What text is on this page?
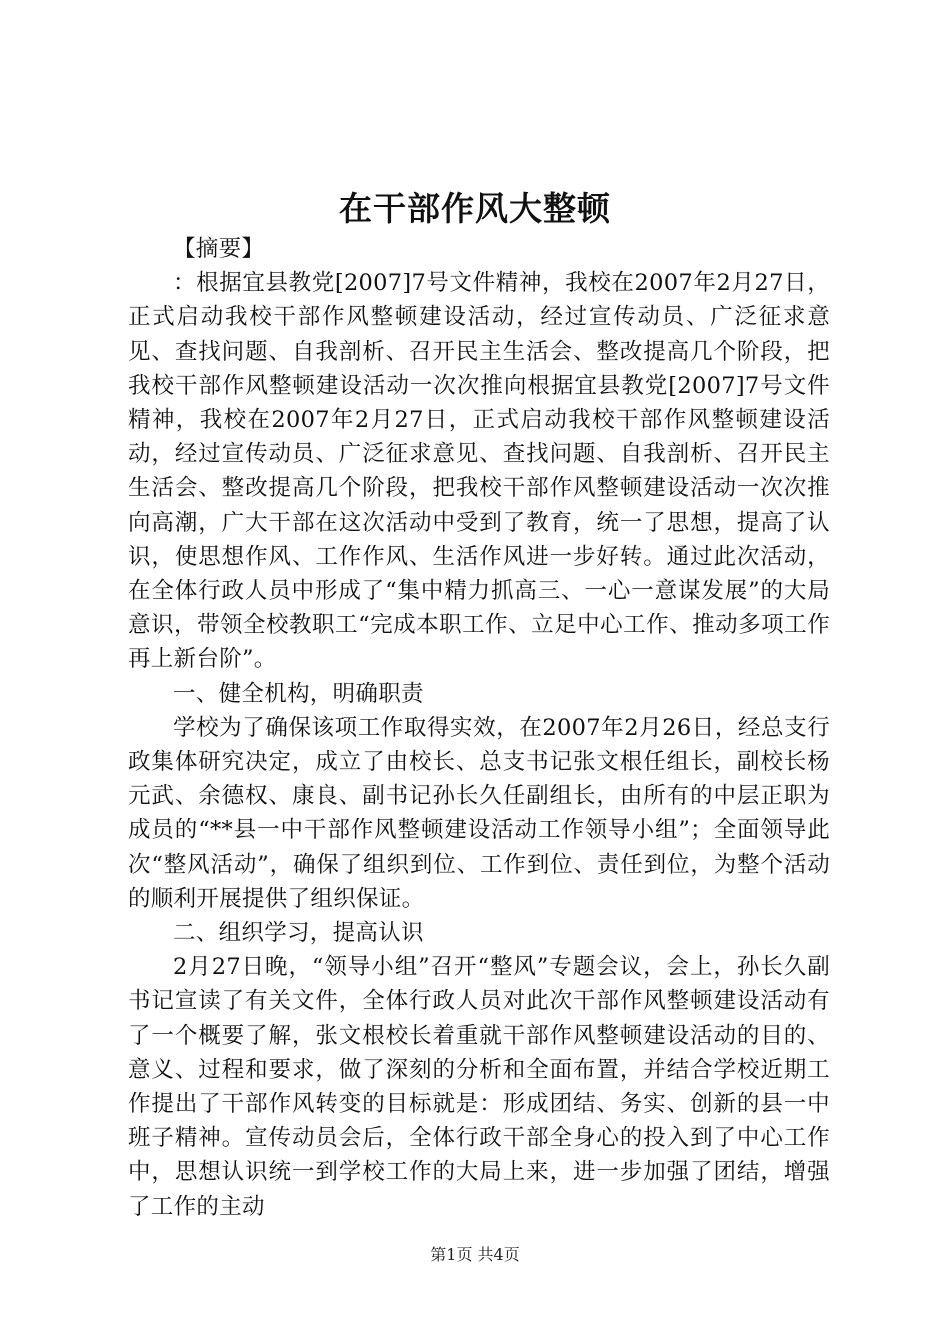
在干部作风大整顿

【摘要】

：根据宜县教党[2007]7号文件精神，我校在2007年2月27日，正式启动我校干部作风整顿建设活动，经过宣传动员、广泛征求意见、查找问题、自我剖析、召开民主生活会、整改提高几个阶段，把我校干部作风整顿建设活动一次次推向根据宜县教党[2007]7号文件精神，我校在2007年2月27日，正式启动我校干部作风整顿建设活动，经过宣传动员、广泛征求意见、查找问题、自我剖析、召开民主生活会、整改提高几个阶段，把我校干部作风整顿建设活动一次次推向高潮，广大干部在这次活动中受到了教育，统一了思想，提高了认识，使思想作风、工作作风、生活作风进一步好转。通过此次活动，在全体行政人员中形成了“集中精力抓高三、一心一意谋发展”的大局意识，带领全校教职工“完成本职工作、立足中心工作、推动多项工作再上新台阶”。

一、健全机构，明确职责

学校为了确保该项工作取得实效，在2007年2月26日，经总支行政集体研究决定，成立了由校长、总支书记张文根任组长，副校长杨元武、余德权、康良、副书记孙长久任副组长，由所有的中层正职为成员的“**县一中干部作风整顿建设活动工作领导小组”；全面领导此次“整风活动”，确保了组织到位、工作到位、责任到位，为整个活动的顺利开展提供了组织保证。

二、组织学习，提高认识

2月27日晚，“领导小组”召开“整风”专题会议，会上，孙长久副书记宣读了有关文件，全体行政人员对此次干部作风整顿建设活动有了一个概要了解，张文根校长着重就干部作风整顿建设活动的目的、意义、过程和要求，做了深刻的分析和全面布置，并结合学校近期工作提出了干部作风转变的目标就是：形成团结、务实、创新的县一中班子精神。宣传动员会后，全体行政干部全身心的投入到了中心工作中，思想认识统一到学校工作的大局上来，进一步加强了团结，增强了工作的主动

第1页 共4页
